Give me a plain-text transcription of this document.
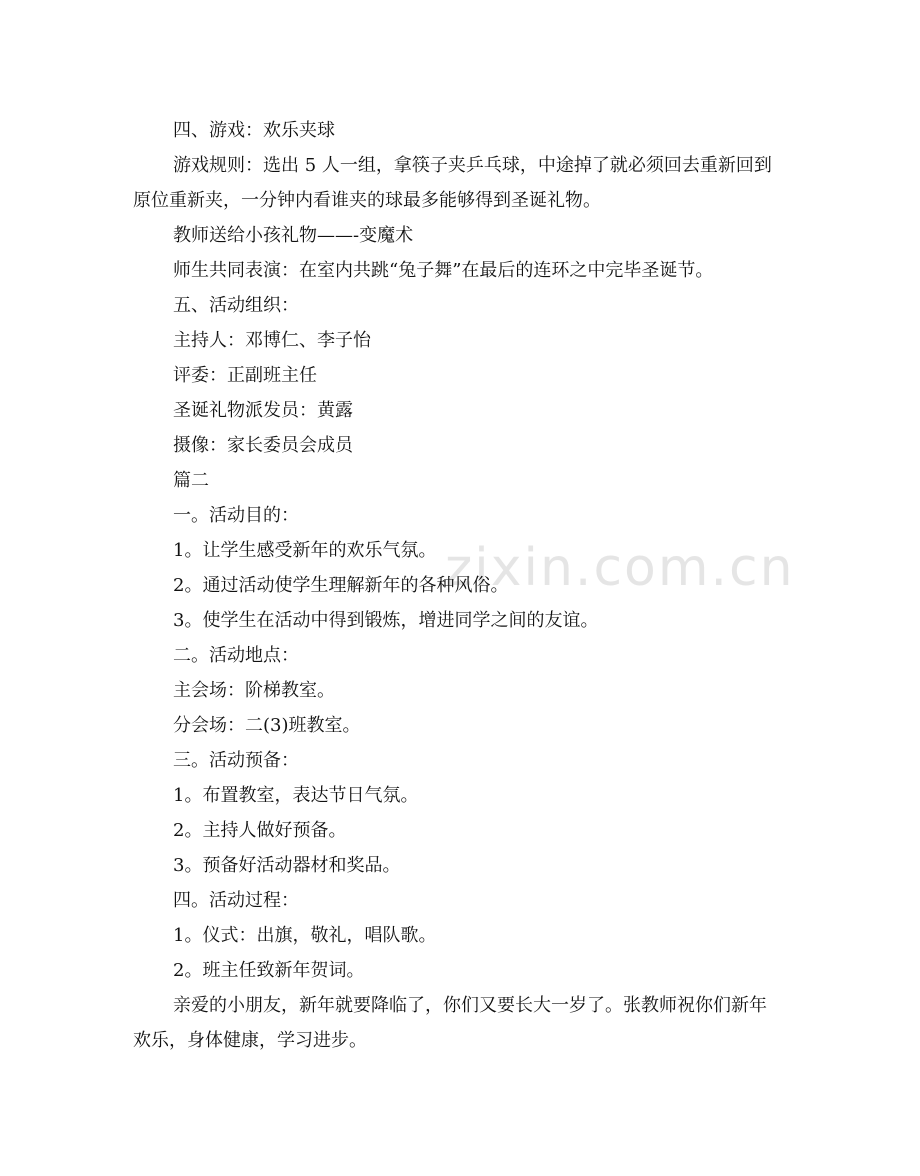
zixin.com.cn

四、游戏：欢乐夹球

游戏规则：选出 5 人一组，拿筷子夹乒乓球，中途掉了就必须回去重新回到原位重新夹，一分钟内看谁夹的球最多能够得到圣诞礼物。

教师送给小孩礼物——-变魔术

师生共同表演：在室内共跳“兔子舞”在最后的连环之中完毕圣诞节。

五、活动组织：

主持人：邓博仁、李子怡

评委：正副班主任

圣诞礼物派发员：黄露

摄像：家长委员会成员

篇二

一。活动目的：

1。让学生感受新年的欢乐气氛。

2。通过活动使学生理解新年的各种风俗。

3。使学生在活动中得到锻炼，增进同学之间的友谊。

二。活动地点：

主会场：阶梯教室。

分会场：二(3)班教室。

三。活动预备：

1。布置教室，表达节日气氛。

2。主持人做好预备。

3。预备好活动器材和奖品。

四。活动过程：

1。仪式：出旗，敬礼，唱队歌。

2。班主任致新年贺词。

亲爱的小朋友，新年就要降临了，你们又要长大一岁了。张教师祝你们新年欢乐，身体健康，学习进步。
